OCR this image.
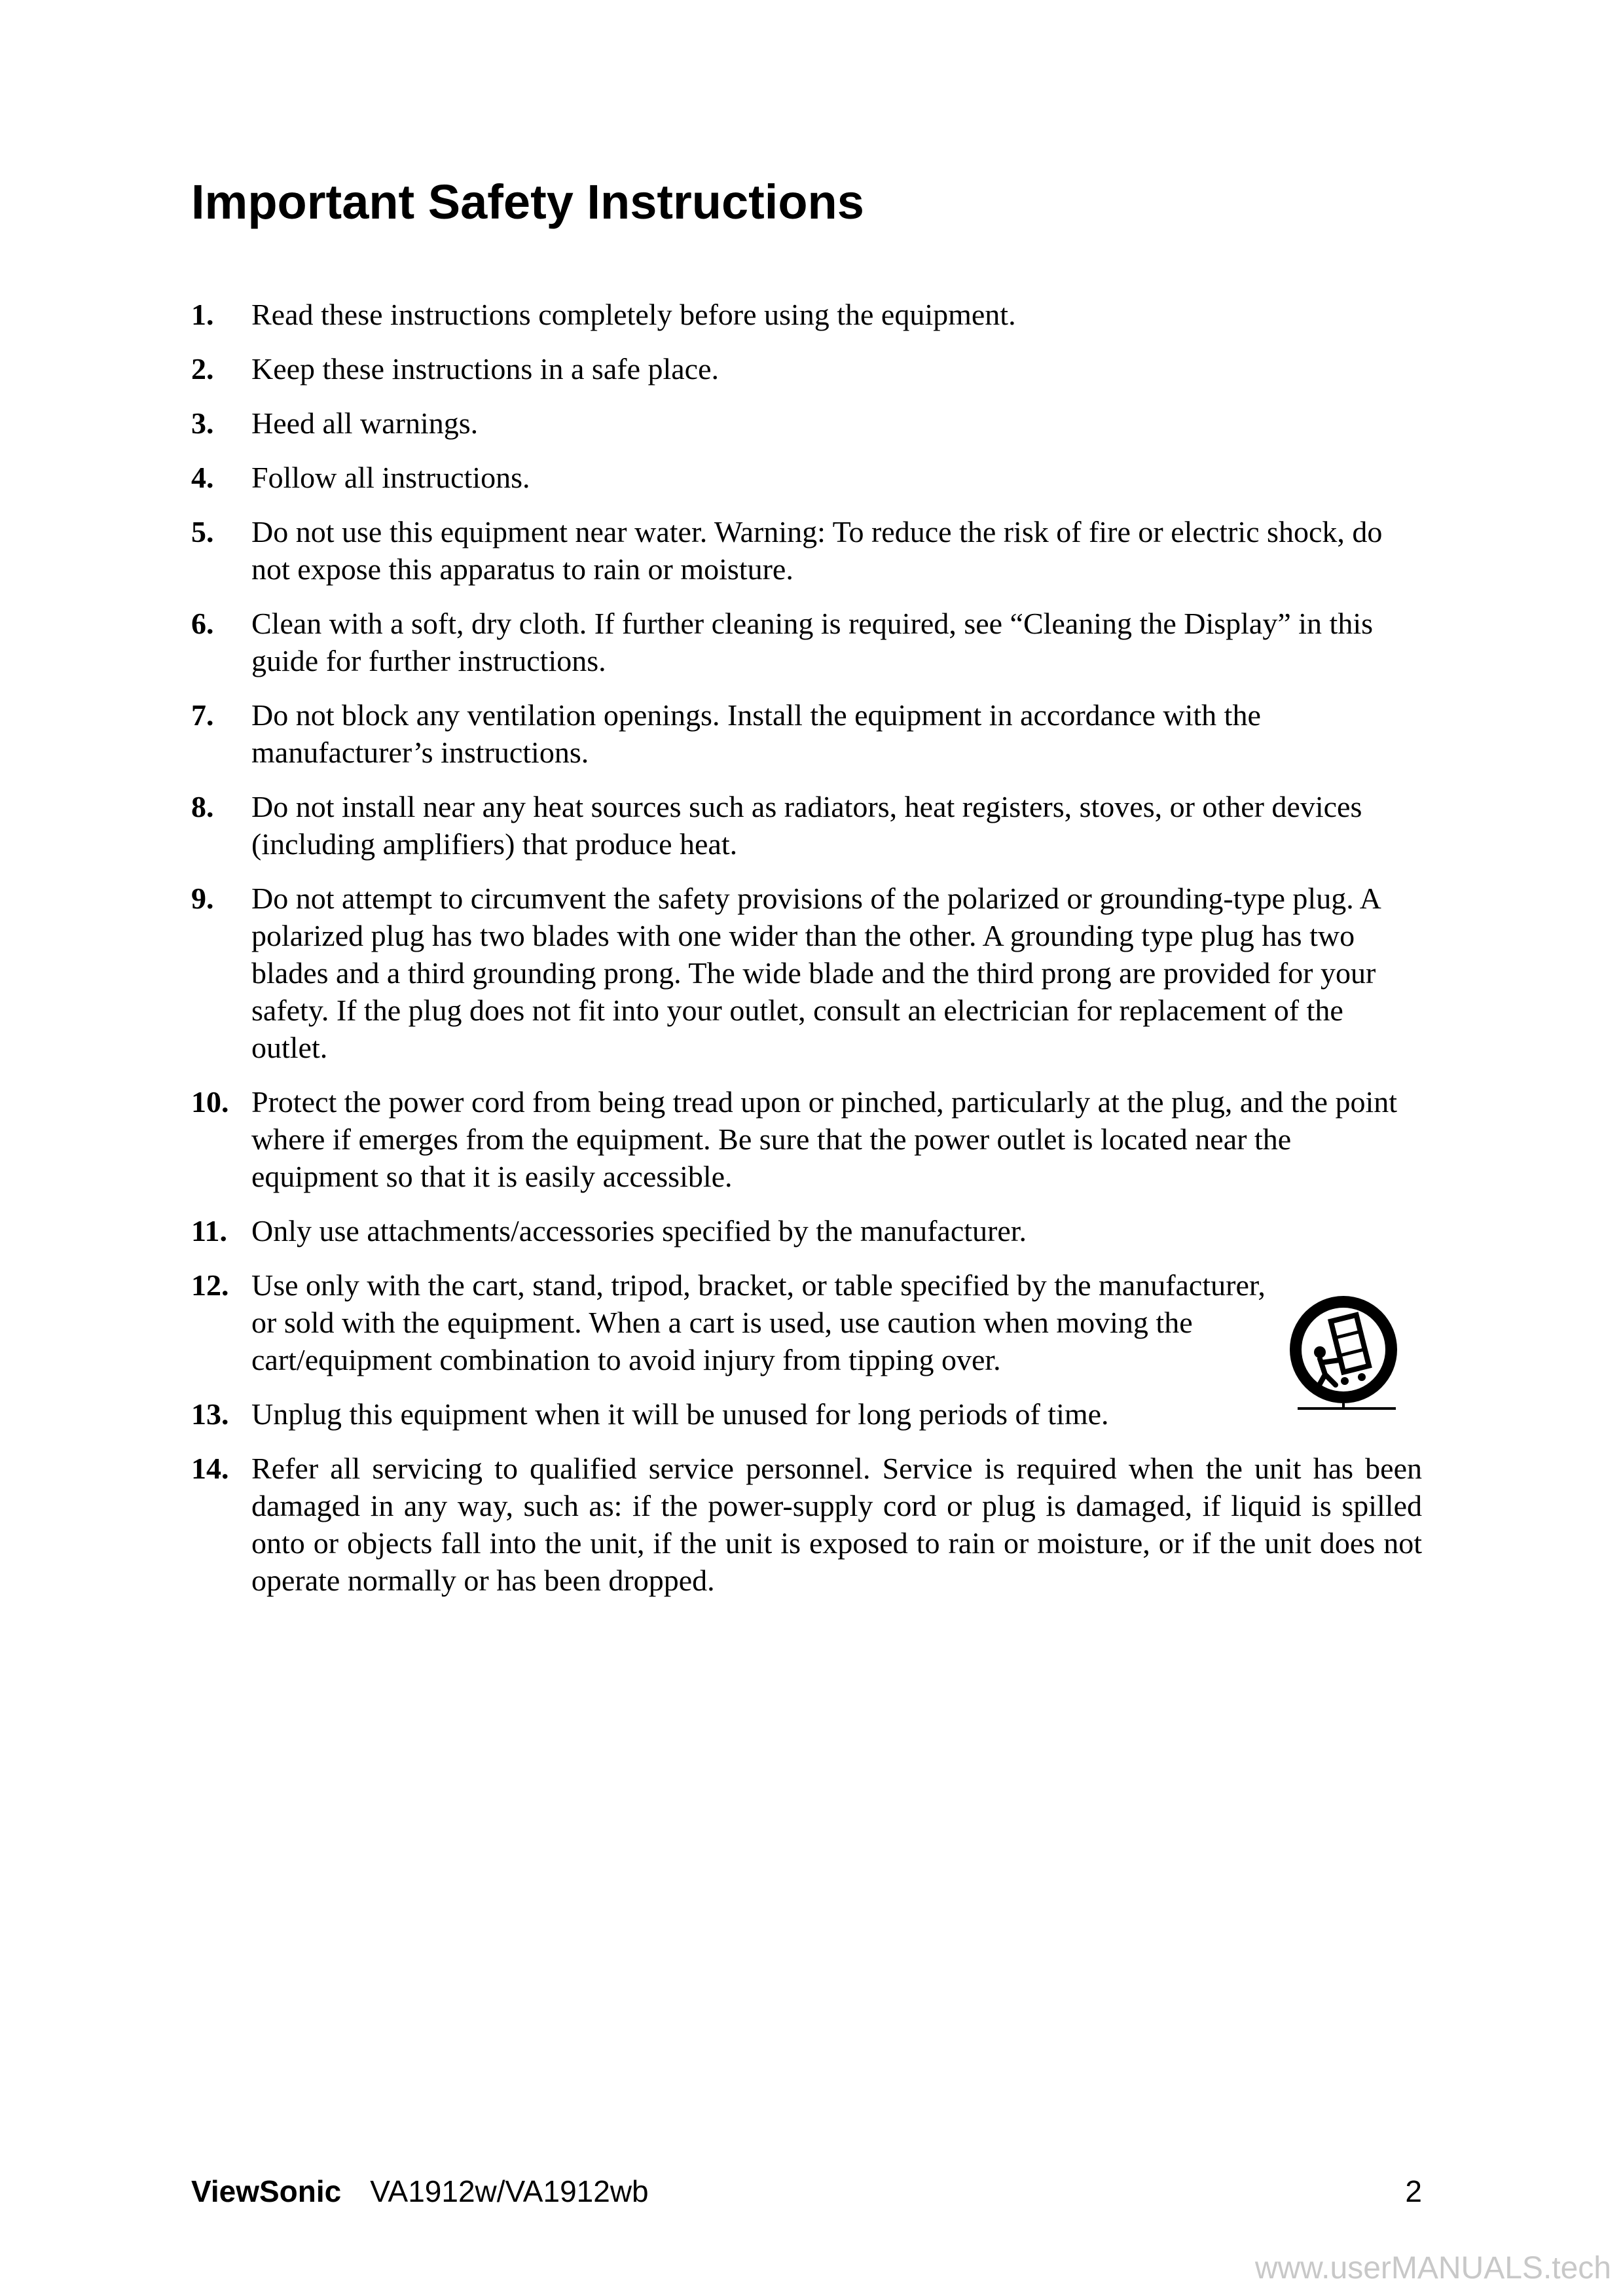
Important Safety Instructions
1. Read these instructions completely before using the equipment.
2. Keep these instructions in a safe place.
3. Heed all warnings.
4. Follow all instructions.
5. Do not use this equipment near water. Warning: To reduce the risk of fire or electric shock, do not expose this apparatus to rain or moisture.
6. Clean with a soft, dry cloth. If further cleaning is required, see “Cleaning the Display” in this guide for further instructions.
7. Do not block any ventilation openings. Install the equipment in accordance with the manufacturer’s instructions.
8. Do not install near any heat sources such as radiators, heat registers, stoves, or other devices (including amplifiers) that produce heat.
9. Do not attempt to circumvent the safety provisions of the polarized or grounding-type plug. A polarized plug has two blades with one wider than the other. A grounding type plug has two blades and a third grounding prong. The wide blade and the third prong are provided for your safety. If the plug does not fit into your outlet, consult an electrician for replacement of the outlet.
10. Protect the power cord from being tread upon or pinched, particularly at the plug, and the point where if emerges from the equipment. Be sure that the power outlet is located near the equipment so that it is easily accessible.
11. Only use attachments/accessories specified by the manufacturer.
12. Use only with the cart, stand, tripod, bracket, or table specified by the manufacturer, or sold with the equipment. When a cart is used, use caution when moving the cart/equipment combination to avoid injury from tipping over.
13. Unplug this equipment when it will be unused for long periods of time.
14. Refer all servicing to qualified service personnel. Service is required when the unit has been damaged in any way, such as: if the power-supply cord or plug is damaged, if liquid is spilled onto or objects fall into the unit, if the unit is exposed to rain or moisture, or if the unit does not operate normally or has been dropped.
ViewSonic VA1912w/VA1912wb	2
www.userMANUALS.tech
